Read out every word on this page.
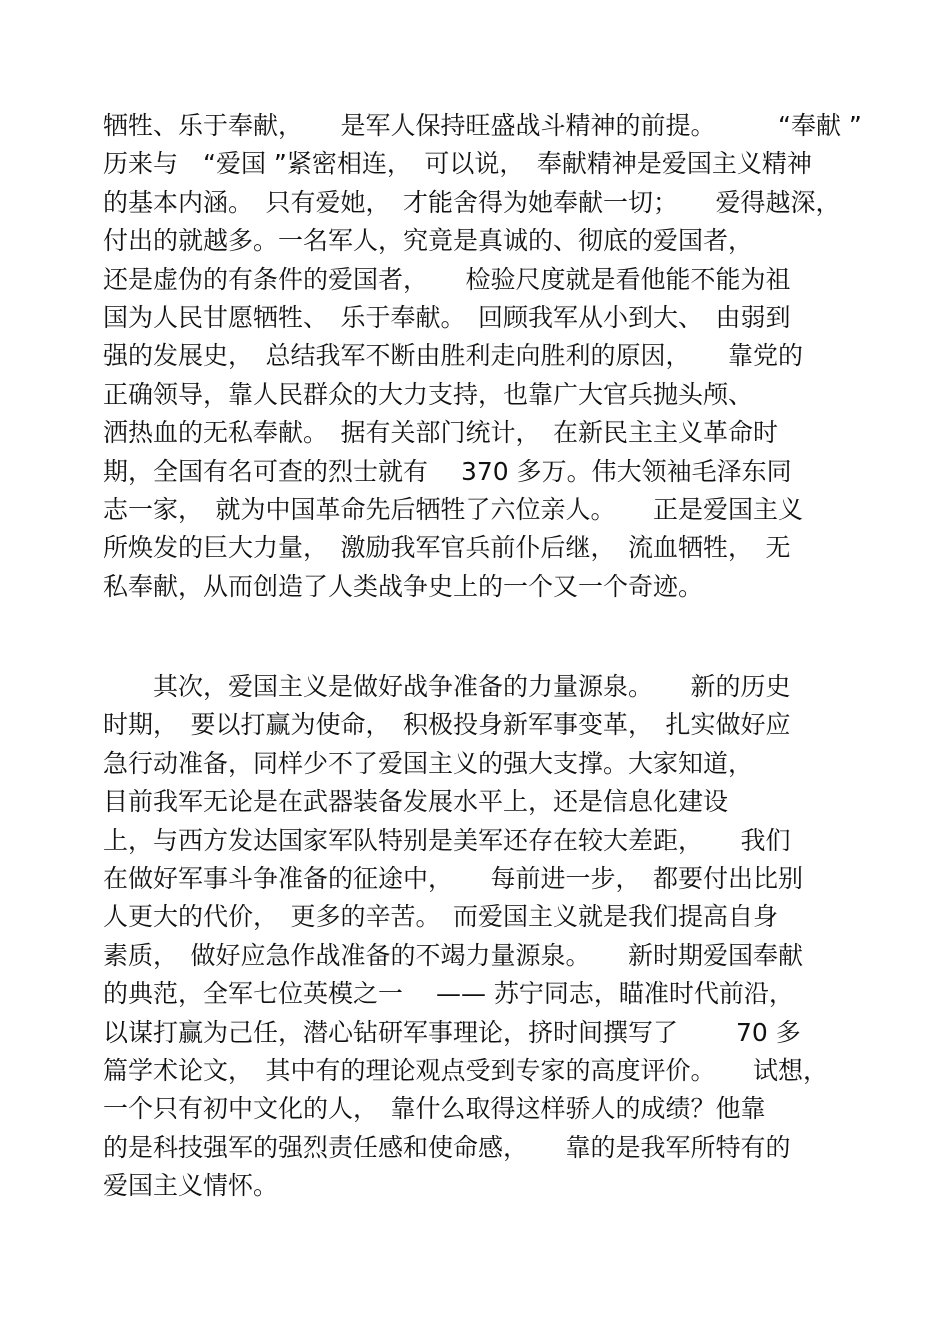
牺牲、乐于奉献，　　是军人保持旺盛战斗精神的前提。　　　“奉献 ”
历来与　“爱国 ”紧密相连，　可以说，　奉献精神是爱国主义精神
的基本内涵。　只有爱她，　才能舍得为她奉献一切；　　爱得越深，
付出的就越多。一名军人，究竟是真诚的、彻底的爱国者，
还是虚伪的有条件的爱国者，　　检验尺度就是看他能不能为祖
国为人民甘愿牺牲、　乐于奉献。　回顾我军从小到大、　由弱到
强的发展史，　总结我军不断由胜利走向胜利的原因，　　靠党的
正确领导，靠人民群众的大力支持，也靠广大官兵抛头颅、
洒热血的无私奉献。　据有关部门统计，　在新民主主义革命时
期，全国有名可查的烈士就有　 370 多万。伟大领袖毛泽东同
志一家，　就为中国革命先后牺牲了六位亲人。　　正是爱国主义
所焕发的巨大力量，　激励我军官兵前仆后继，　流血牺牲，　无
私奉献，从而创造了人类战争史上的一个又一个奇迹。
　　其次，爱国主义是做好战争准备的力量源泉。　　新的历史
时期，　要以打赢为使命，　积极投身新军事变革，　扎实做好应
急行动准备，同样少不了爱国主义的强大支撑。大家知道，
目前我军无论是在武器装备发展水平上，还是信息化建设
上，与西方发达国家军队特别是美军还存在较大差距，　　我们
在做好军事斗争准备的征途中，　　每前进一步，　都要付出比别
人更大的代价，　更多的辛苦。　而爱国主义就是我们提高自身
素质，　做好应急作战准备的不竭力量源泉。　　新时期爱国奉献
的典范，全军七位英模之一　 —— 苏宁同志，瞄准时代前沿，
以谋打赢为己任，潜心钻研军事理论，挤时间撰写了　　 70 多
篇学术论文，　其中有的理论观点受到专家的高度评价。　　试想，
一个只有初中文化的人，　靠什么取得这样骄人的成绩？他靠
的是科技强军的强烈责任感和使命感，　　靠的是我军所特有的
爱国主义情怀。
